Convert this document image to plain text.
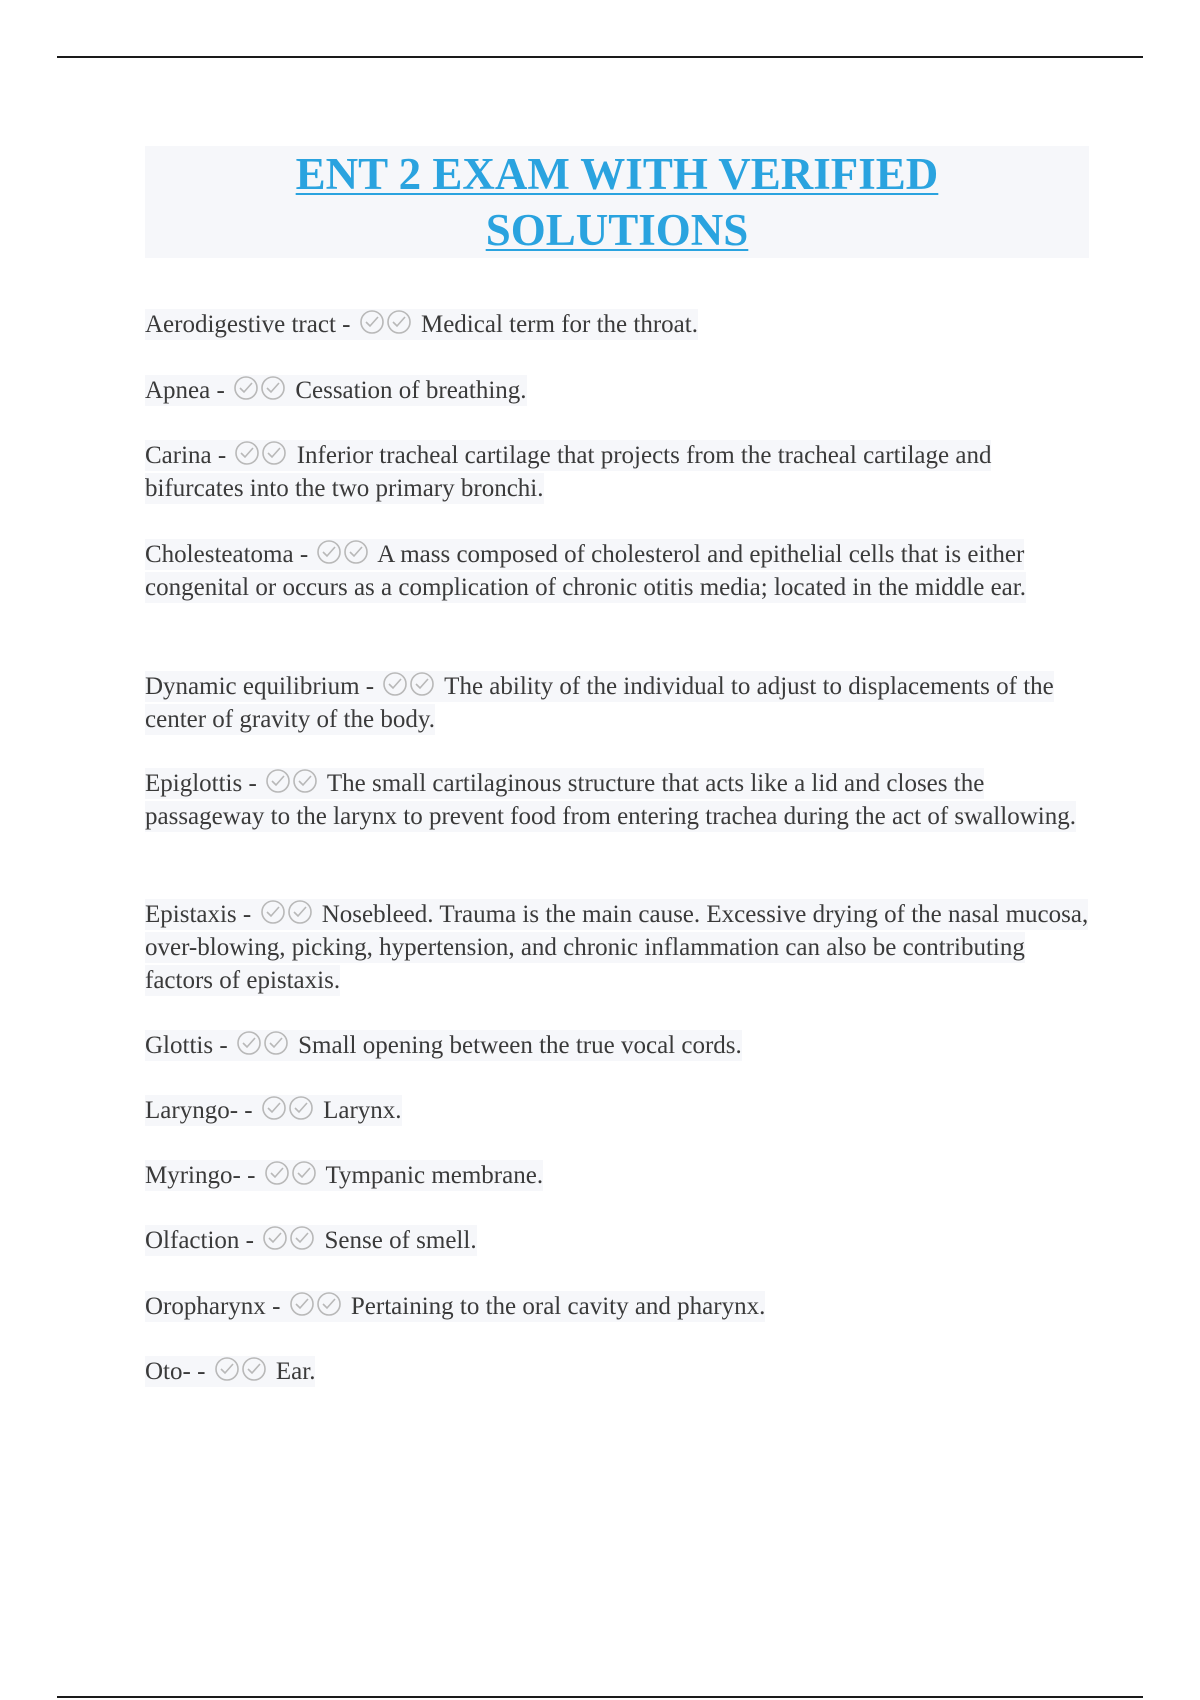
ENT 2 EXAM WITH VERIFIED
SOLUTIONS

Aerodigestive tract -
Medical term for the throat.

Apnea -
Cessation of breathing.

Carina -
Inferior tracheal cartilage that projects from the tracheal cartilage and bifurcates into the two primary bronchi.

Cholesteatoma -
A mass composed of cholesterol and epithelial cells that is either congenital or occurs as a complication of chronic otitis media; located in the middle ear.

Dynamic equilibrium -
The ability of the individual to adjust to displacements of the center of gravity of the body.

Epiglottis -
The small cartilaginous structure that acts like a lid and closes the passageway to the larynx to prevent food from entering trachea during the act of swallowing.

Epistaxis -
Nosebleed. Trauma is the main cause. Excessive drying of the nasal mucosa, over-blowing, picking, hypertension, and chronic inflammation can also be contributing factors of epistaxis.

Glottis -
Small opening between the true vocal cords.

Laryngo- -
Larynx.

Myringo- -
Tympanic membrane.

Olfaction -
Sense of smell.

Oropharynx -
Pertaining to the oral cavity and pharynx.

Oto- -
Ear.
